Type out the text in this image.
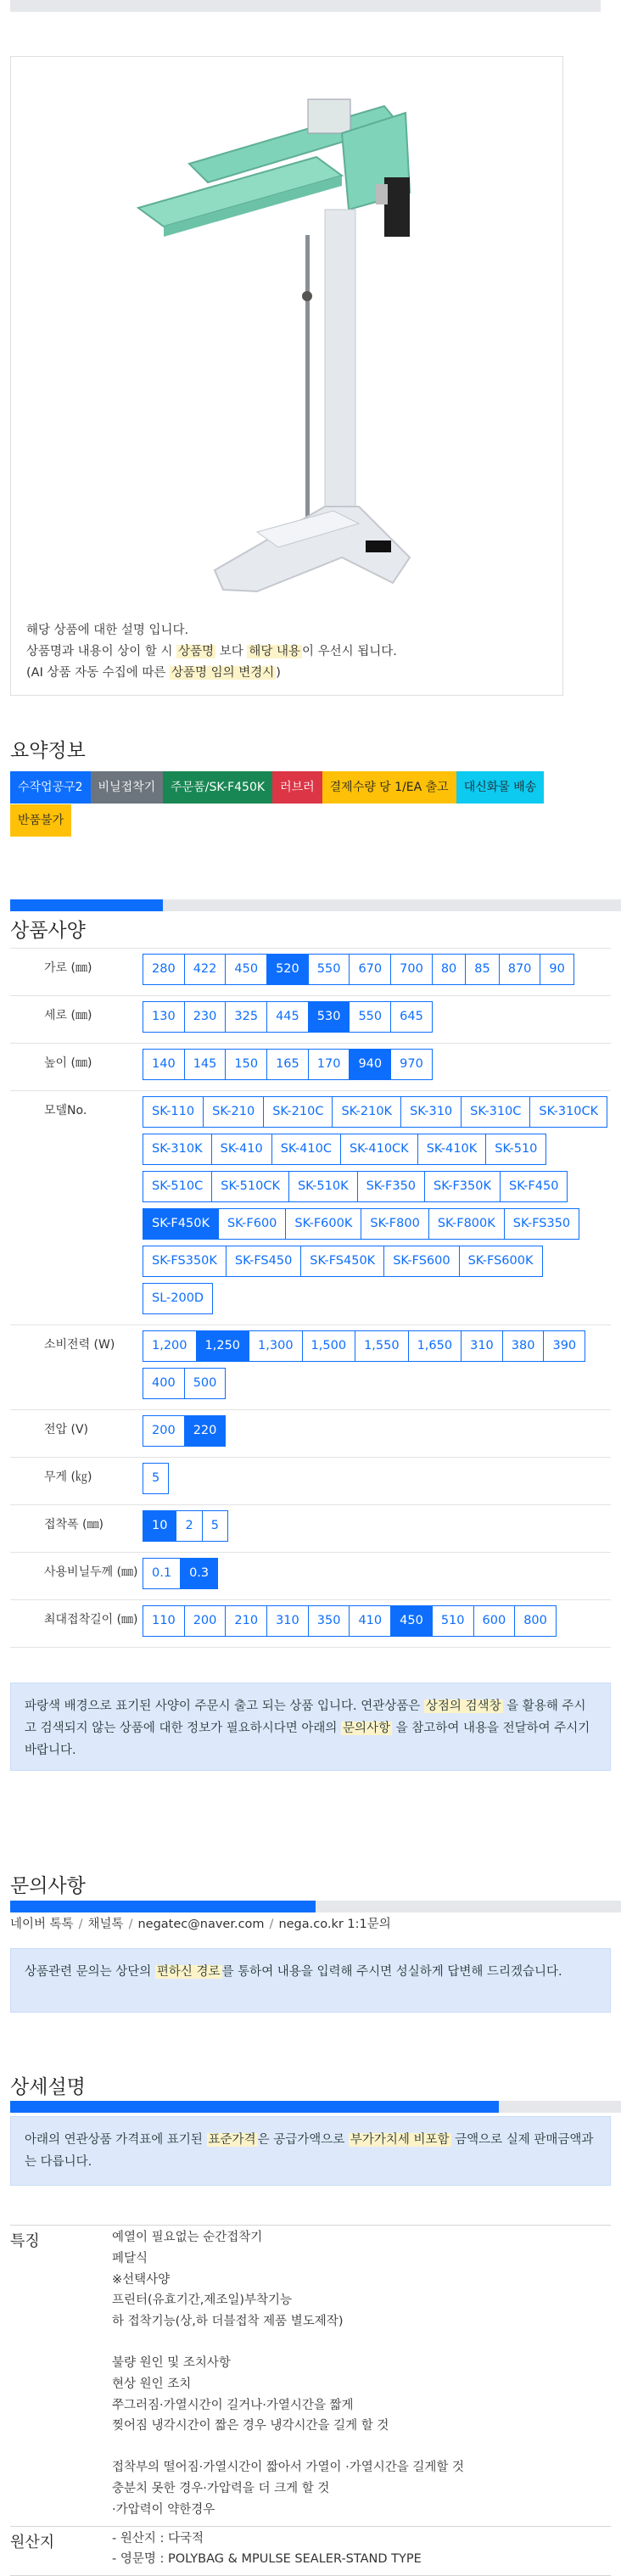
해당 상품에 대한 설명 입니다.
상품명과 내용이 상이 할 시 상품명 보다 해당 내용 이 우선시 됩니다.
(AI 상품 자동 수집에 따른 상품명 임의 변경시 )
요약정보
수작업공구2	비닐접착기	주문품/SK-F450K	러브러	결제수량 당 1/EA 출고	대신화물 배송
반품불가
상품사양
가로 (㎜)	280	422	450	520	550	670	700	80	85	870	90
세로 (㎜)	130	230	325	445	530	550	645
높이 (㎜)	140	145	150	165	170	940	970
모델No.	SK-110	SK-210	SK-210C	SK-210K	SK-310	SK-310C	SK-310CK
SK-310K	SK-410	SK-410C	SK-410CK	SK-410K	SK-510
SK-510C	SK-510CK	SK-510K	SK-F350	SK-F350K	SK-F450
SK-F450K	SK-F600	SK-F600K	SK-F800	SK-F800K	SK-FS350
SK-FS350K	SK-FS450	SK-FS450K	SK-FS600	SK-FS600K
SL-200D
소비전력 (W)	1,200	1,250	1,300	1,500	1,550	1,650	310	380	390
400	500
전압 (V)	200	220
무게 (㎏)	5
접착폭 (㎜)	10	2	5
사용비닐두께 (㎜)	0.1	0.3
최대접착길이 (㎜)	110	200	210	310	350	410	450	510	600	800
파랑색 배경으로 표기된 사양이 주문시 출고 되는 상품 입니다. 연관상품은 상점의 검색창 을 활용해 주시고 검색되지 않는 상품에 대한 정보가 필요하시다면 아래의 문의사항 을 참고하여 내용을 전달하여 주시기 바랍니다.
문의사항
네이버 톡톡 / 채널톡 / negatec@naver.com / nega.co.kr 1:1문의
상품관련 문의는 상단의 편하신 경로 를 통하여 내용을 입력해 주시면 성실하게 답변해 드리겠습니다.
상세설명
아래의 연관상품 가격표에 표기된 표준가격 은 공급가액으로 부가가치세 비포함 금액으로 실제 판매금액과는 다릅니다.
특징	예열이 필요없는 순간접착기
페달식
※선택사양
프린터(유효기간,제조일)부착기능
하 접착기능(상,하 더블접착 제품 별도제작)
불량 원인 및 조치사항
현상 원인 조치
쭈그러짐·가열시간이 길거나·가열시간을 짧게
찢어짐 냉각시간이 짧은 경우 냉각시간을 길게 할 것
접착부의 떨어짐·가열시간이 짧아서 가열이 ·가열시간을 길게할 것
충분치 못한 경우·가압력을 더 크게 할 것
·가압력이 약한경우
원산지	- 원산지 : 다국적
- 영문명 : POLYBAG & MPULSE SEALER-STAND TYPE
